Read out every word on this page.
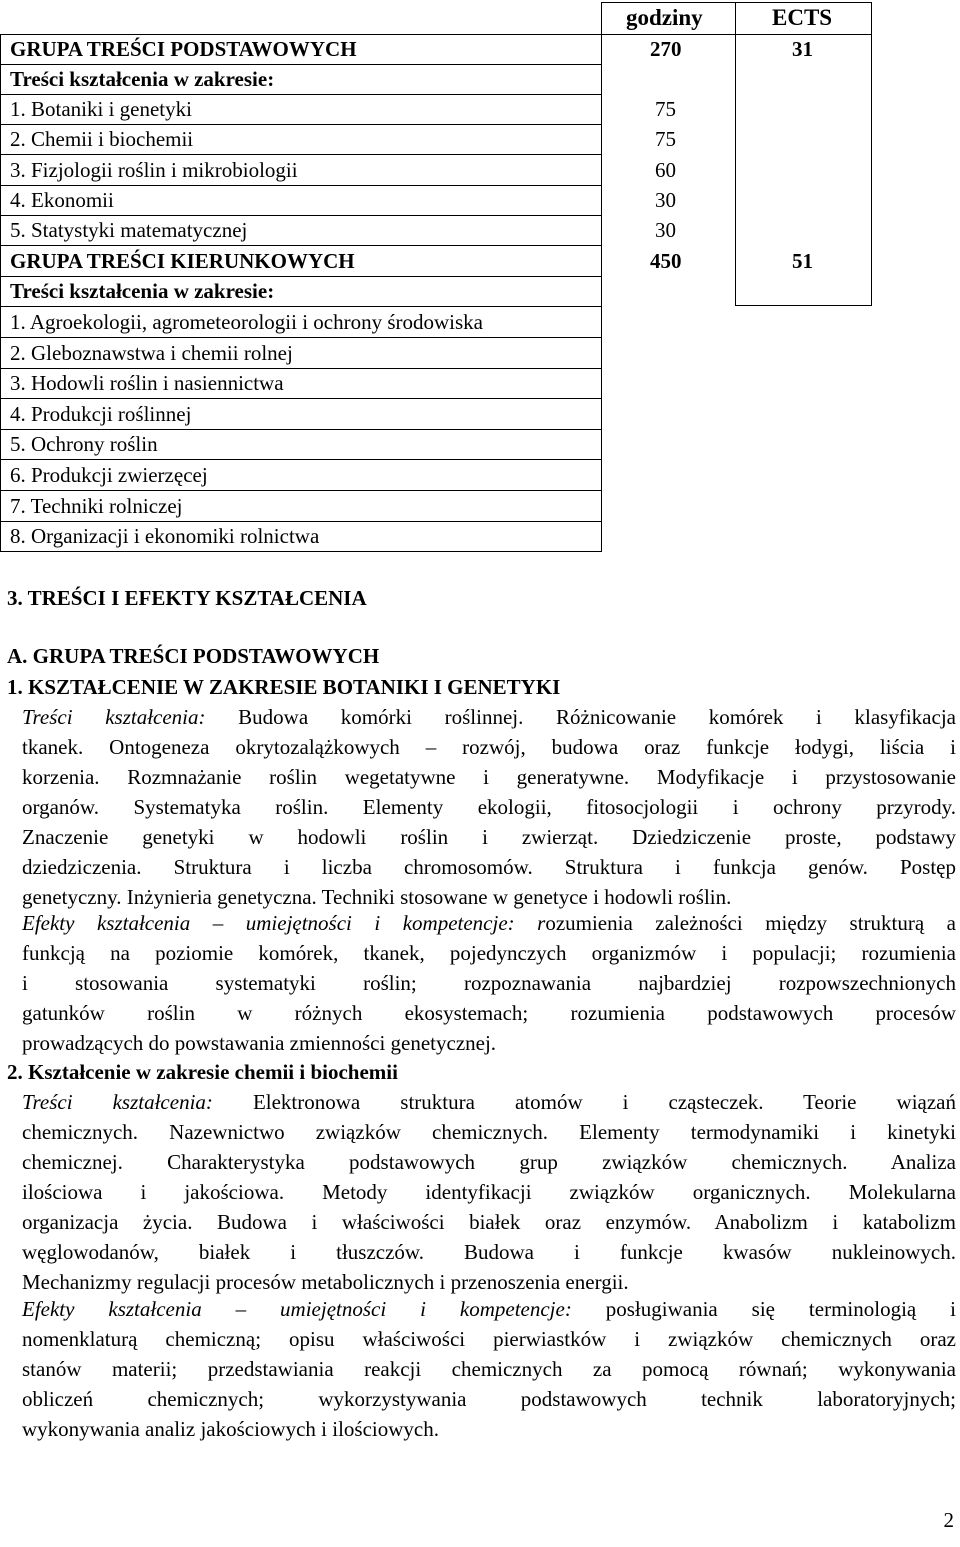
godziny	ECTS
GRUPA TREŚCI PODSTAWOWYCH
Treści kształcenia w zakresie:
1. Botaniki i genetyki
2. Chemii i biochemii
3. Fizjologii roślin i mikrobiologii
4. Ekonomii
5. Statystyki matematycznej
GRUPA TREŚCI KIERUNKOWYCH
Treści kształcenia w zakresie:
1. Agroekologii, agrometeorologii i ochrony środowiska
2. Gleboznawstwa i chemii rolnej
3. Hodowli roślin i nasiennictwa
4. Produkcji roślinnej
5. Ochrony roślin
6. Produkcji zwierzęcej
7. Techniki rolniczej
8. Organizacji i ekonomiki rolnictwa
270
75
75
60
30
30
450
31
51
3. TREŚCI I EFEKTY KSZTAŁCENIA
A. GRUPA TREŚCI PODSTAWOWYCH
1. KSZTAŁCENIE W ZAKRESIE BOTANIKI I GENETYKI
Treści kształcenia: Budowa komórki roślinnej. Różnicowanie komórek i klasyfikacja
tkanek. Ontogeneza okrytozalążkowych – rozwój, budowa oraz funkcje łodygi, liścia i
korzenia. Rozmnażanie roślin wegetatywne i generatywne. Modyfikacje i przystosowanie
organów. Systematyka roślin. Elementy ekologii, fitosocjologii i ochrony przyrody.
Znaczenie genetyki w hodowli roślin i zwierząt. Dziedziczenie proste, podstawy
dziedziczenia. Struktura i liczba chromosomów. Struktura i funkcja genów. Postęp
genetyczny. Inżynieria genetyczna. Techniki stosowane w genetyce i hodowli roślin.
Efekty kształcenia – umiejętności i kompetencje: rozumienia zależności między strukturą a
funkcją na poziomie komórek, tkanek, pojedynczych organizmów i populacji; rozumienia
i stosowania systematyki roślin; rozpoznawania najbardziej rozpowszechnionych
gatunków roślin w różnych ekosystemach; rozumienia podstawowych procesów
prowadzących do powstawania zmienności genetycznej.
2. Kształcenie w zakresie chemii i biochemii
Treści kształcenia: Elektronowa struktura atomów i cząsteczek. Teorie wiązań
chemicznych. Nazewnictwo związków chemicznych. Elementy termodynamiki i kinetyki
chemicznej. Charakterystyka podstawowych grup związków chemicznych. Analiza
ilościowa i jakościowa. Metody identyfikacji związków organicznych. Molekularna
organizacja życia. Budowa i właściwości białek oraz enzymów. Anabolizm i katabolizm
węglowodanów, białek i tłuszczów. Budowa i funkcje kwasów nukleinowych.
Mechanizmy regulacji procesów metabolicznych i przenoszenia energii.
Efekty kształcenia – umiejętności i kompetencje: posługiwania się terminologią i
nomenklaturą chemiczną; opisu właściwości pierwiastków i związków chemicznych oraz
stanów materii; przedstawiania reakcji chemicznych za pomocą równań; wykonywania
obliczeń chemicznych; wykorzystywania podstawowych technik laboratoryjnych;
wykonywania analiz jakościowych i ilościowych.
2
